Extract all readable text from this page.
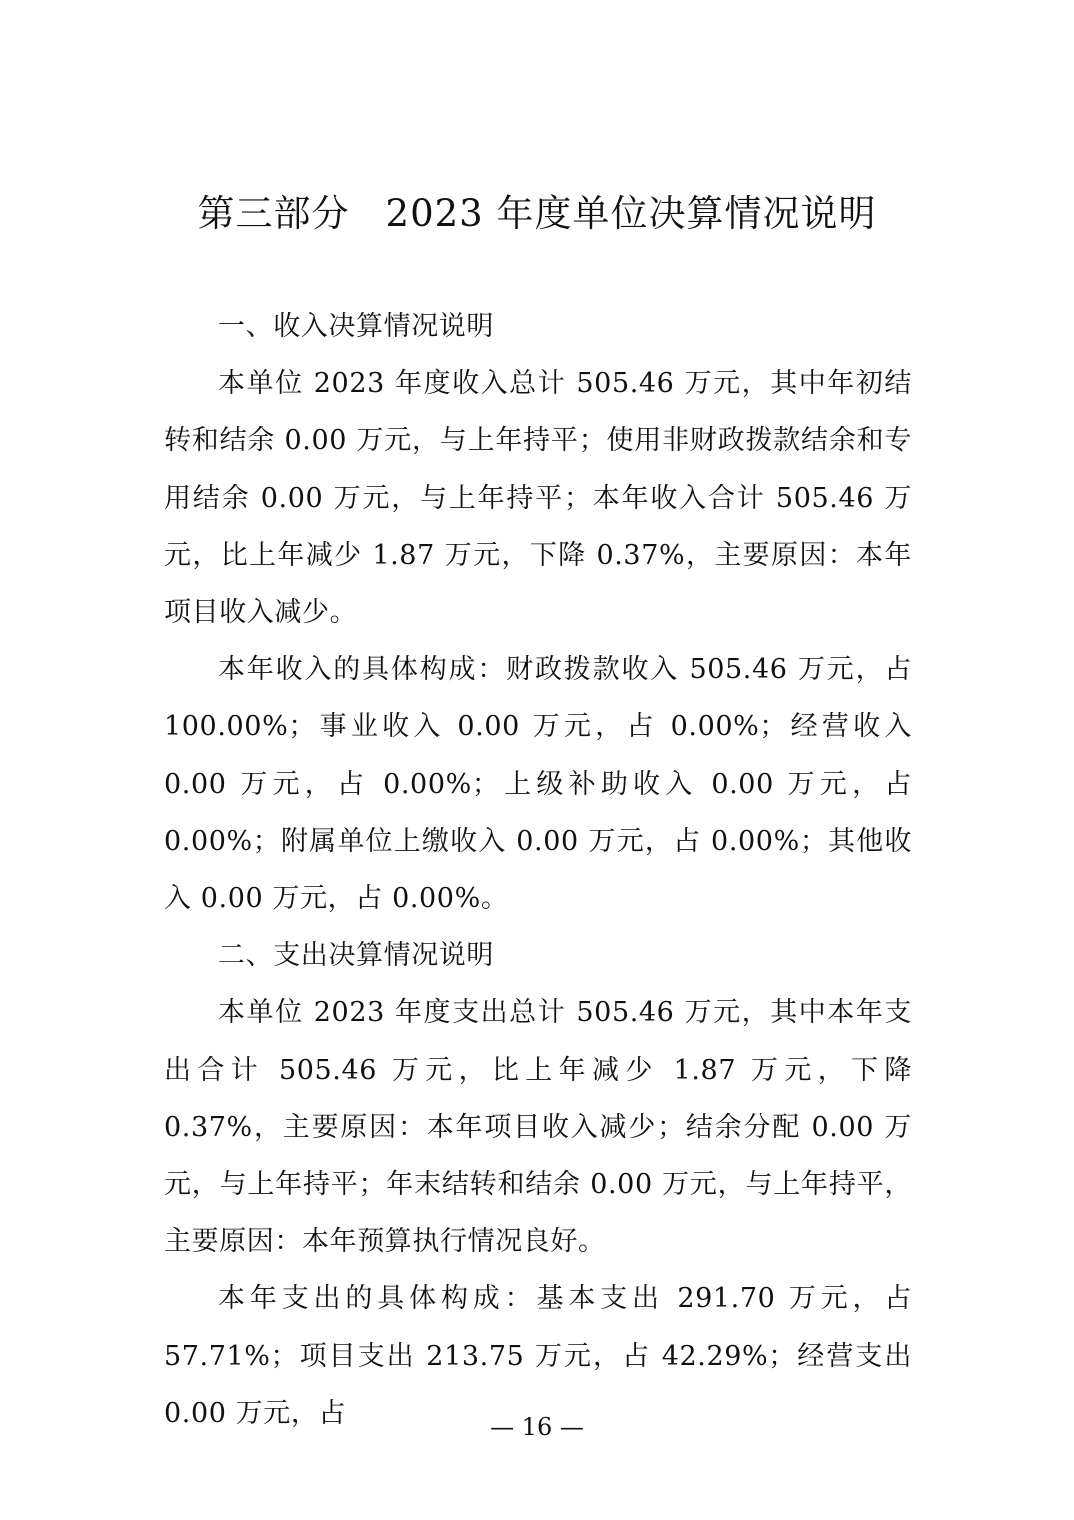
第三部分 2023 年度单位决算情况说明
一、收入决算情况说明

本单位 2023 年度收入总计 505.46 万元，其中年初结转和结余 0.00 万元，与上年持平；使用非财政拨款结余和专用结余 0.00 万元，与上年持平；本年收入合计 505.46 万元，比上年减少 1.87 万元，下降 0.37%，主要原因：本年项目收入减少。

本年收入的具体构成：财政拨款收入 505.46 万元，占 100.00%；事业收入 0.00 万元，占 0.00%；经营收入 0.00 万元，占 0.00%；上级补助收入 0.00 万元，占 0.00%；附属单位上缴收入 0.00 万元，占 0.00%；其他收入 0.00 万元，占 0.00%。

二、支出决算情况说明

本单位 2023 年度支出总计 505.46 万元，其中本年支出合计 505.46 万元，比上年减少 1.87 万元，下降 0.37%，主要原因：本年项目收入减少；结余分配 0.00 万元，与上年持平；年末结转和结余 0.00 万元，与上年持平，主要原因：本年预算执行情况良好。

本年支出的具体构成：基本支出 291.70 万元，占 57.71%；项目支出 213.75 万元，占 42.29%；经营支出 0.00 万元，占	— 16 —
